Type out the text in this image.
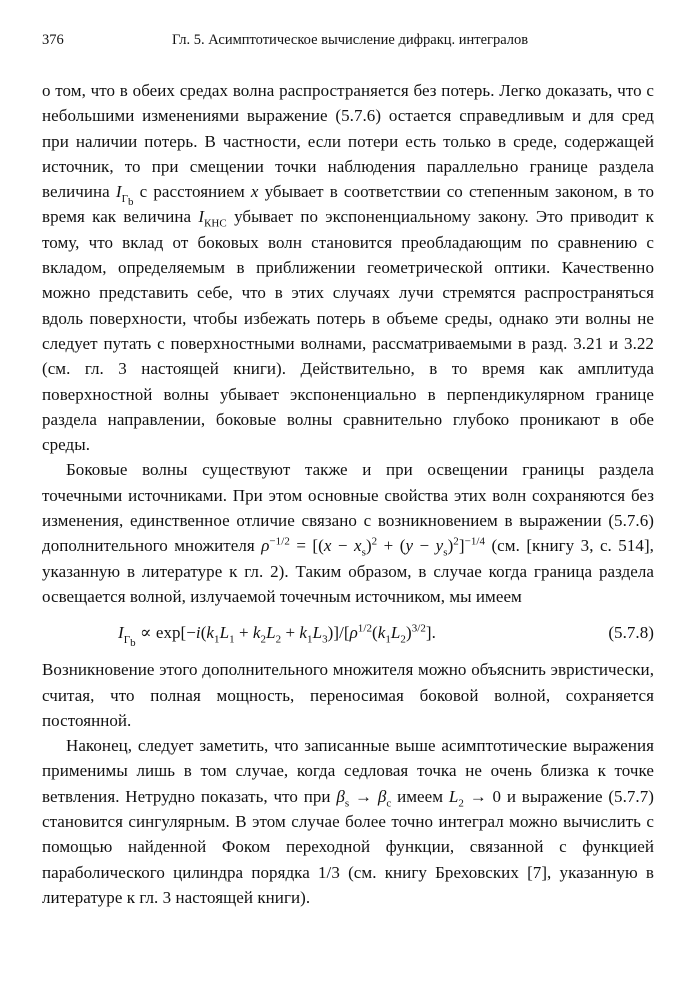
376	Гл. 5. Асимптотическое вычисление дифракц. интегралов

о том, что в обеих средах волна распространяется без потерь. Легко доказать, что с небольшими изменениями выражение (5.7.6) остается справедливым и для сред при наличии потерь. В частности, если потери есть только в среде, содержащей источник, то при смещении точки наблюдения параллельно границе раздела величина $I_{\Gamma_b}$ с расстоянием x убывает в соответствии со степенным законом, в то время как величина $I_{КНС}$ убывает по экспоненциальному закону. Это приводит к тому, что вклад от боковых волн становится преобладающим по сравнению с вкладом, определяемым в приближении геометрической оптики. Качественно можно представить себе, что в этих случаях лучи стремятся распространяться вдоль поверхности, чтобы избежать потерь в объеме среды, однако эти волны не следует путать с поверхностными волнами, рассматриваемыми в разд. 3.21 и 3.22 (см. гл. 3 настоящей книги). Действительно, в то время как амплитуда поверхностной волны убывает экспоненциально в перпендикулярном границе раздела направлении, боковые волны сравнительно глубоко проникают в обе среды.

Боковые волны существуют также и при освещении границы раздела точечными источниками. При этом основные свойства этих волн сохраняются без изменения, единственное отличие связано с возникновением в выражении (5.7.6) дополнительного множителя $\rho^{-1/2} = [(x - x_s)^2 + (y - y_s)^2]^{-1/4}$ (см. [книгу 3, с. 514], указанную в литературе к гл. 2). Таким образом, в случае когда граница раздела освещается волной, излучаемой точечным источником, мы имеем

$I_{\Gamma_b} \propto \exp[-i(k_1L_1 + k_2L_2 + k_1L_3)]/[\rho^{1/2}(k_1L_2)^{3/2}]$.	(5.7.8)

Возникновение этого дополнительного множителя можно объяснить эвристически, считая, что полная мощность, переносимая боковой волной, сохраняется постоянной.

Наконец, следует заметить, что записанные выше асимптотические выражения применимы лишь в том случае, когда седловая точка не очень близка к точке ветвления. Нетрудно показать, что при $\beta_s \to \beta_c$ имеем $L_2 \to 0$ и выражение (5.7.7) становится сингулярным. В этом случае более точно интеграл можно вычислить с помощью найденной Фоком переходной функции, связанной с функцией параболического цилиндра порядка 1/3 (см. книгу Бреховских [7], указанную в литературе к гл. 3 настоящей книги).
